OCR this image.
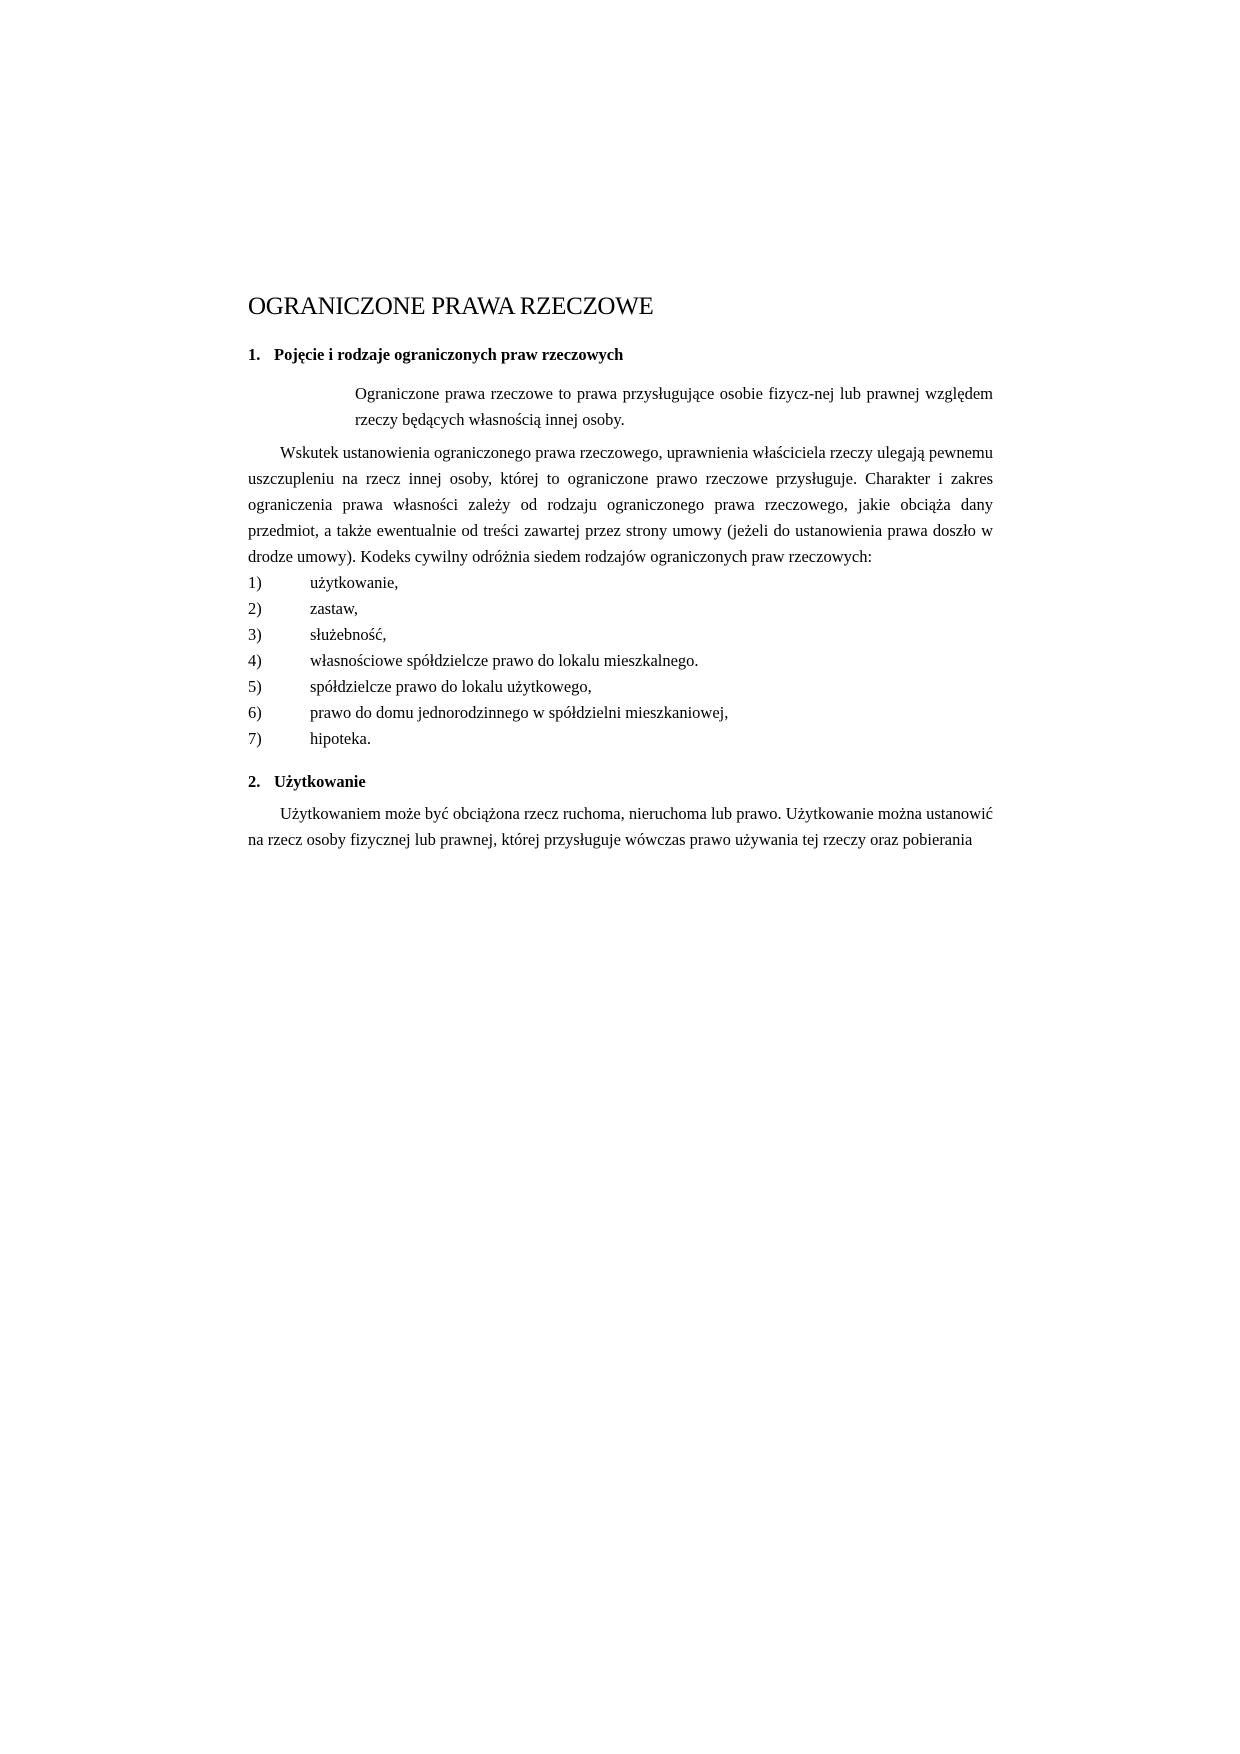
OGRANICZONE PRAWA RZECZOWE
1. Pojęcie i rodzaje ograniczonych praw rzeczowych

Ograniczone prawa rzeczowe to prawa przysługujące osobie fizycz-nej lub prawnej względem rzeczy będących własnością innej osoby.

Wskutek ustanowienia ograniczonego prawa rzeczowego, uprawnienia właściciela rzeczy ulegają pewnemu uszczupleniu na rzecz innej osoby, której to ograniczone prawo rzeczowe przysługuje. Charakter i zakres ograniczenia prawa własności zależy od rodzaju ograniczonego prawa rzeczowego, jakie obciąża dany przedmiot, a także ewentualnie od treści zawartej przez strony umowy (jeżeli do ustanowienia prawa doszło w drodze umowy). Kodeks cywilny odróżnia siedem rodzajów ograniczonych praw rzeczowych:

1)	użytkowanie,
2)	zastaw,
3)	służebność,
4)	własnościowe spółdzielcze prawo do lokalu mieszkalnego.
5)	spółdzielcze prawo do lokalu użytkowego,
6)	prawo do domu jednorodzinnego w spółdzielni mieszkaniowej,
7)	hipoteka.
2. Użytkowanie

Użytkowaniem może być obciążona rzecz ruchoma, nieruchoma lub prawo. Użytkowanie można ustanowić na rzecz osoby fizycznej lub prawnej, której przysługuje wówczas prawo używania tej rzeczy oraz pobierania
